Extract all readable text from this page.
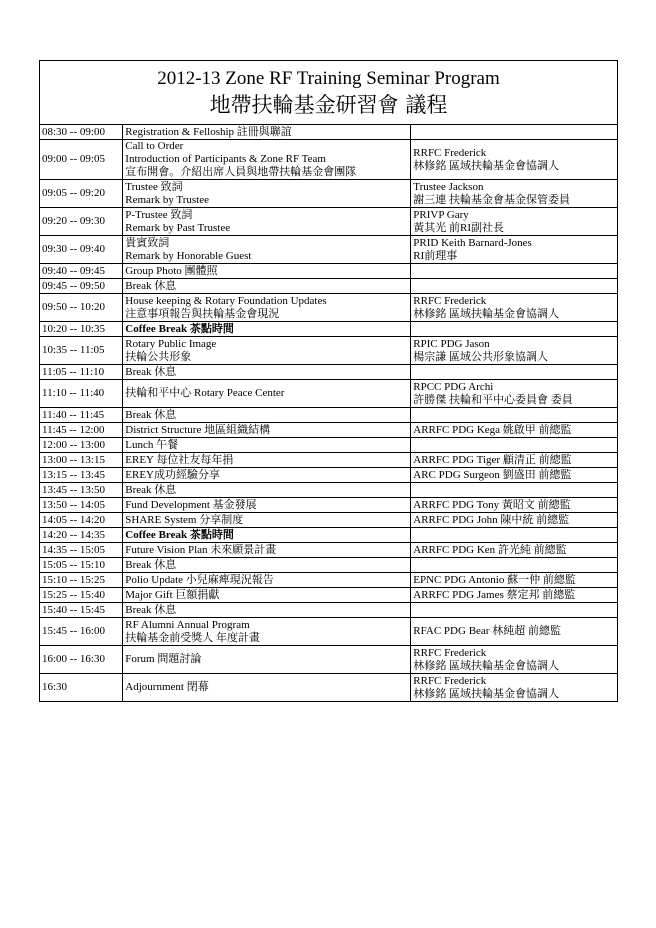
2012-13 Zone RF Training Seminar Program
地帶扶輪基金研習會 議程
08:30 -- 09:00	Registration & Felloship 註冊與聯誼	

09:00 -- 09:05	Call to Order
Introduction of Participants & Zone RF Team
宣布開會。介紹出席人員與地帶扶輪基金會團隊	RRFC Frederick
林修銘 區域扶輪基金會協調人

09:05 -- 09:20	Trustee 致詞
Remark by Trustee	Trustee Jackson
謝三連 扶輪基金會基金保管委員

09:20 -- 09:30	P-Trustee 致詞
Remark by Past Trustee	PRIVP Gary
黃其光 前RI副社長

09:30 -- 09:40	貴賓致詞
Remark by Honorable Guest	PRID Keith Barnard-Jones
RI前理事

09:40 -- 09:45	Group Photo 團體照	

09:45 -- 09:50	Break 休息	

09:50 -- 10:20	House keeping & Rotary Foundation Updates
注意事項報告與扶輪基金會現況	RRFC Frederick
林修銘 區域扶輪基金會協調人

10:20 -- 10:35	Coffee Break 茶點時間	

10:35 -- 11:05	Rotary Public Image
扶輪公共形象	RPIC PDG Jason
楊宗謙 區域公共形象協調人

11:05 -- 11:10	Break 休息	

11:10 -- 11:40	扶輪和平中心 Rotary Peace Center	RPCC PDG Archi
許勝傑 扶輪和平中心委員會 委員

11:40 -- 11:45	Break 休息	

11:45 -- 12:00	District Structure 地區組織結構	ARRFC PDG Kega 姚啟甲 前總監

12:00 -- 13:00	Lunch 午餐	

13:00 -- 13:15	EREY 每位社友每年捐	ARRFC PDG Tiger 顧清正 前總監

13:15 -- 13:45	EREY成功經驗分享	ARC PDG Surgeon 劉盛田 前總監

13:45 -- 13:50	Break 休息	

13:50 -- 14:05	Fund Development 基金發展	ARRFC PDG Tony 黃昭文 前總監

14:05 -- 14:20	SHARE System 分享制度	ARRFC PDG John 陳中統 前總監

14:20 -- 14:35	Coffee Break 茶點時間	

14:35 -- 15:05	Future Vision Plan 未來願景計畫	ARRFC PDG Ken 許光純 前總監

15:05 -- 15:10	Break 休息	

15:10 -- 15:25	Polio Update 小兒麻痺現況報告	EPNC PDG Antonio 蘇一仲 前總監

15:25 -- 15:40	Major Gift 巨額捐獻	ARRFC PDG James 蔡定邦 前總監

15:40 -- 15:45	Break 休息	

15:45 -- 16:00	RF Alumni Annual Program
扶輪基金前受獎人 年度計畫	RFAC PDG Bear 林純超 前總監

16:00 -- 16:30	Forum 問題討論	RRFC Frederick
林修銘 區域扶輪基金會協調人

16:30	Adjournment 閉幕	RRFC Frederick
林修銘 區域扶輪基金會協調人
